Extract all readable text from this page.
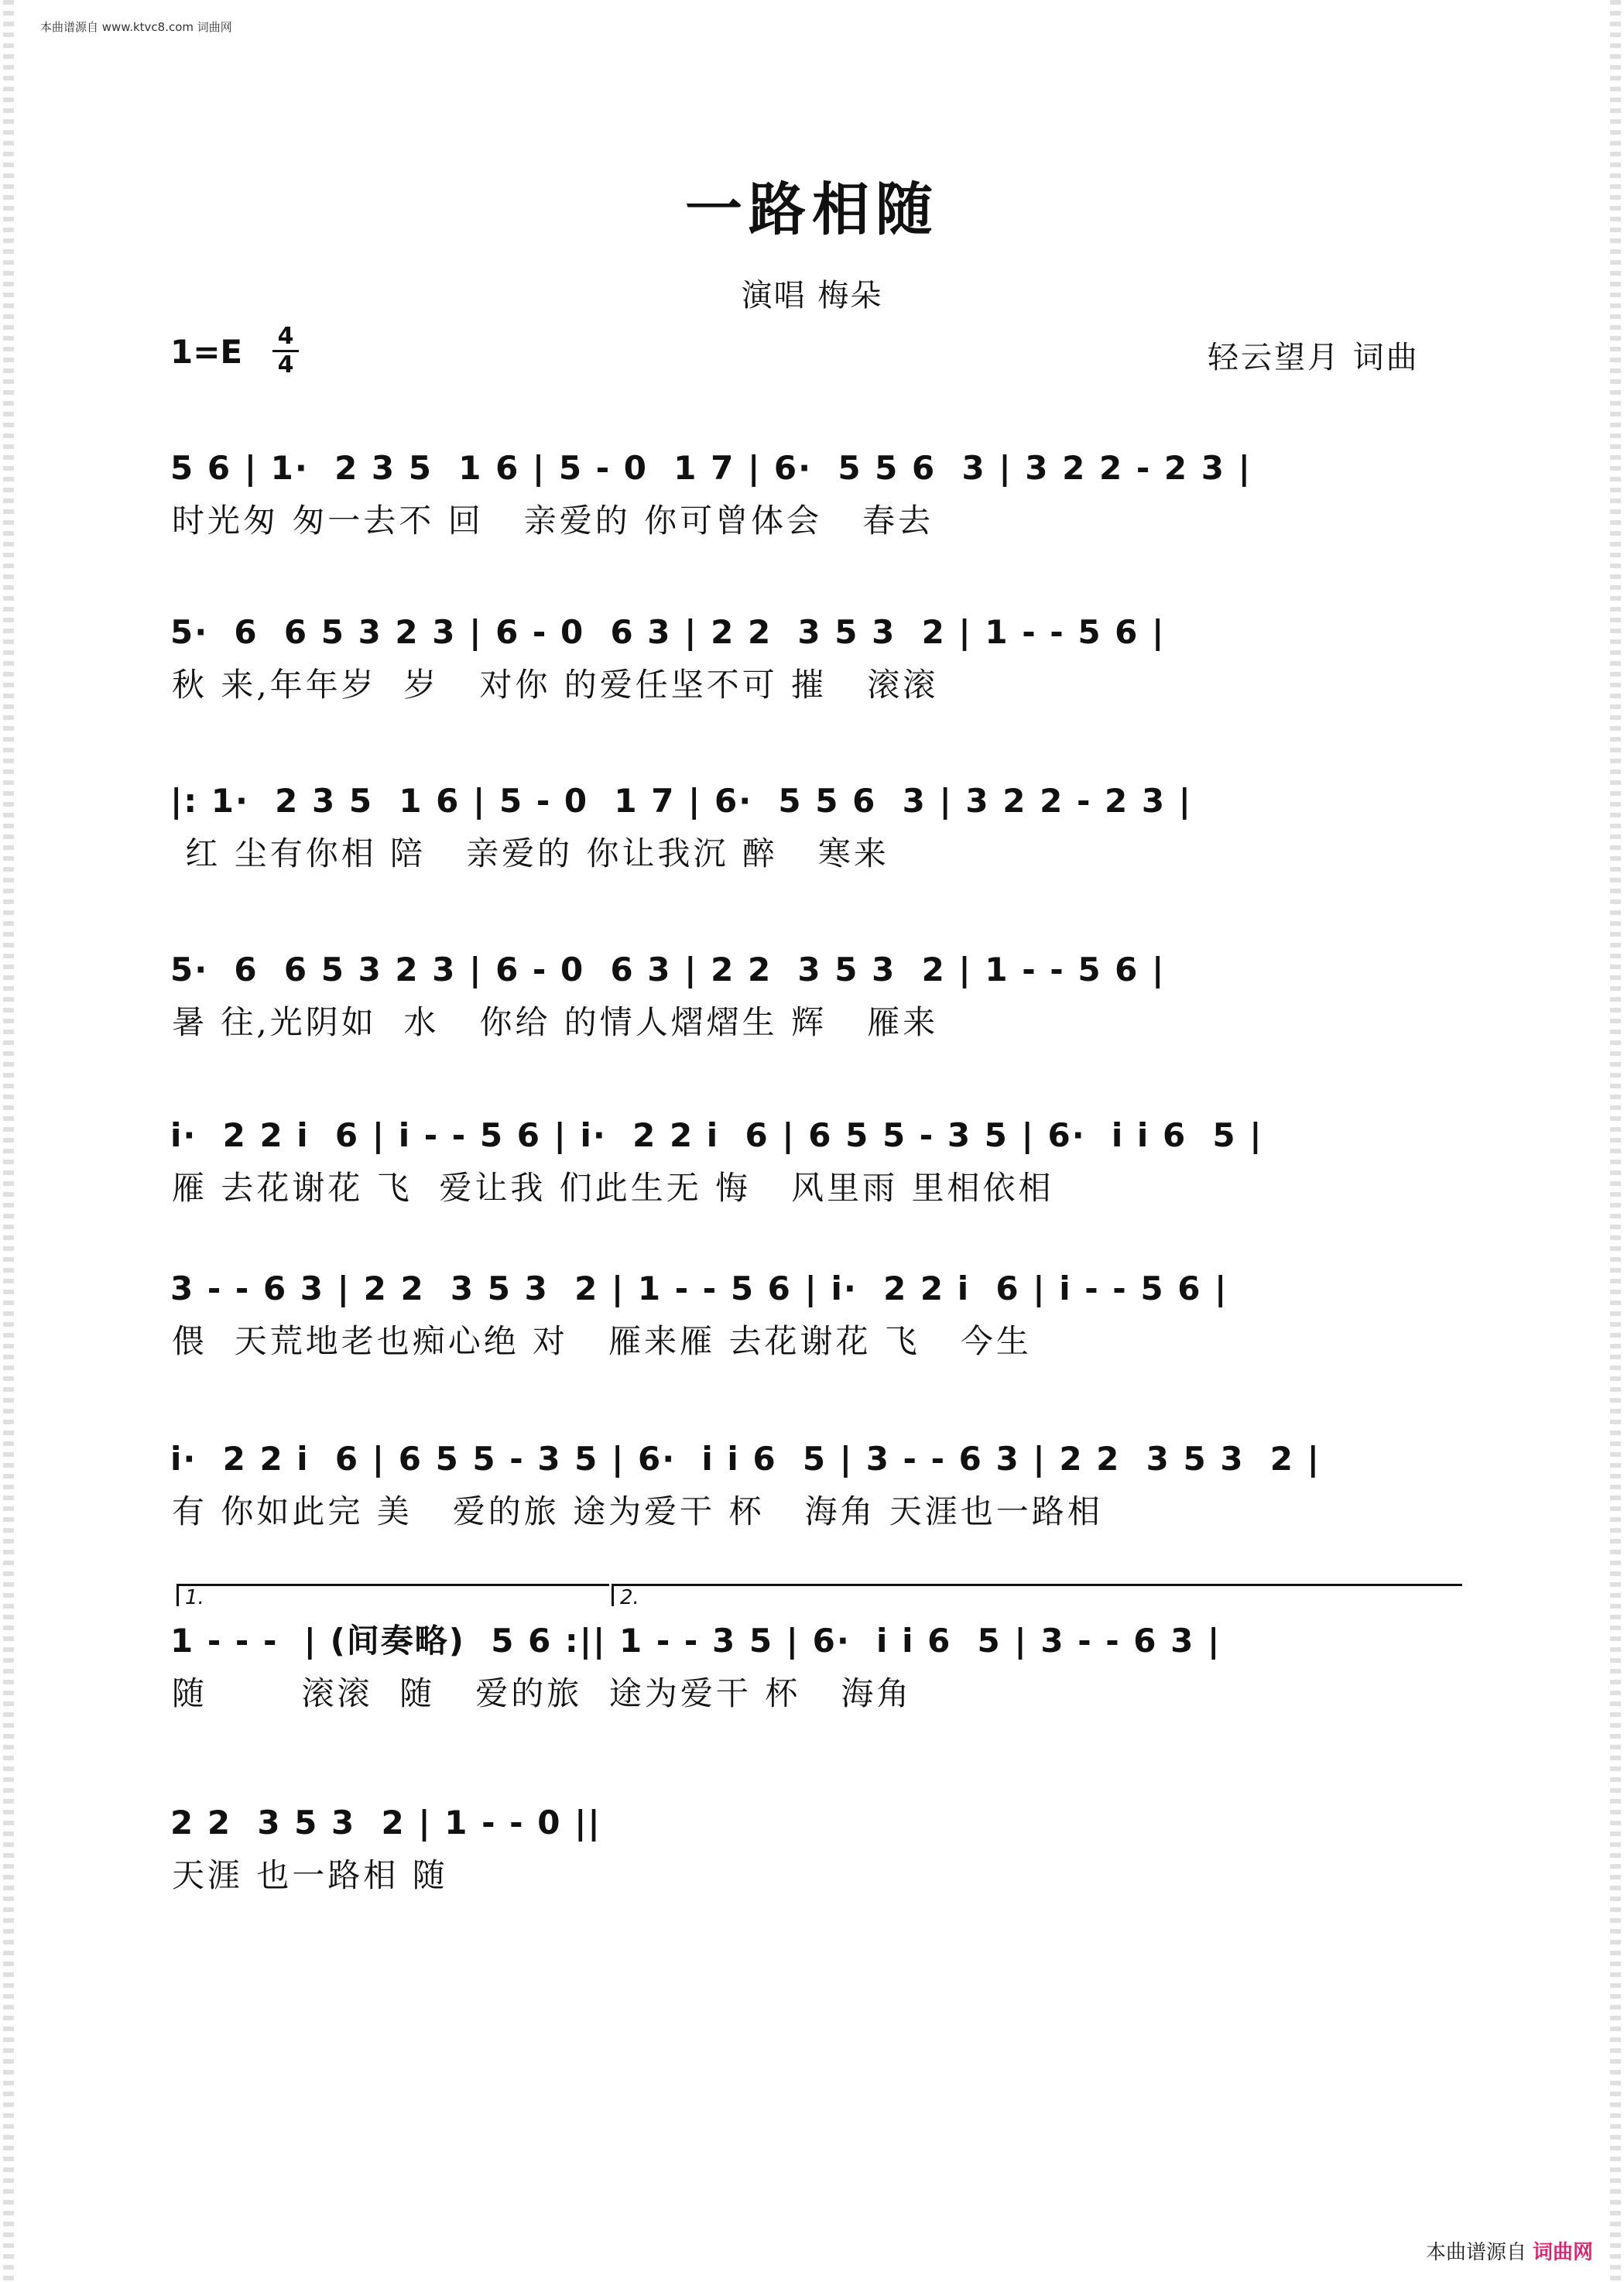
本曲谱源自 www.ktvc8.com 词曲网
一路相随
演唱 梅朵
1=E 4
4	轻云望月 词曲
5 6 | 1·  2 3 5  1 6 | 5 - 0  1 7 | 6·  5 5 6  3 | 3 2 2 - 2 3 |
时光匆 匆一去不 回   亲爱的 你可曾体会   春去
5·  6  6 5 3 2 3 | 6 - 0  6 3 | 2 2  3 5 3  2 | 1 - - 5 6 |
秋 来,年年岁  岁   对你 的爱任坚不可 摧   滚滚
|: 1·  2 3 5  1 6 | 5 - 0  1 7 | 6·  5 5 6  3 | 3 2 2 - 2 3 |
红 尘有你相 陪   亲爱的 你让我沉 醉   寒来
5·  6  6 5 3 2 3 | 6 - 0  6 3 | 2 2  3 5 3  2 | 1 - - 5 6 |
暑 往,光阴如  水   你给 的情人熠熠生 辉   雁来
i·  2 2 i  6 | i - - 5 6 | i·  2 2 i  6 | 6 5 5 - 3 5 | 6·  i i 6  5 |
雁 去花谢花 飞  爱让我 们此生无 悔   风里雨 里相依相
3 - - 6 3 | 2 2  3 5 3  2 | 1 - - 5 6 | i·  2 2 i  6 | i - - 5 6 |
偎  天荒地老也痴心绝 对   雁来雁 去花谢花 飞   今生
i·  2 2 i  6 | 6 5 5 - 3 5 | 6·  i i 6  5 | 3 - - 6 3 | 2 2  3 5 3  2 |
有 你如此完 美   爱的旅 途为爱干 杯   海角 天涯也一路相
1.	2.
1 - - -  | (间奏略)  5 6 :|| 1 - - 3 5 | 6·  i i 6  5 | 3 - - 6 3 |
随       滚滚  随   爱的旅  途为爱干 杯   海角
2 2  3 5 3  2 | 1 - - 0 ||
天涯 也一路相 随
本曲谱源自 词曲网
